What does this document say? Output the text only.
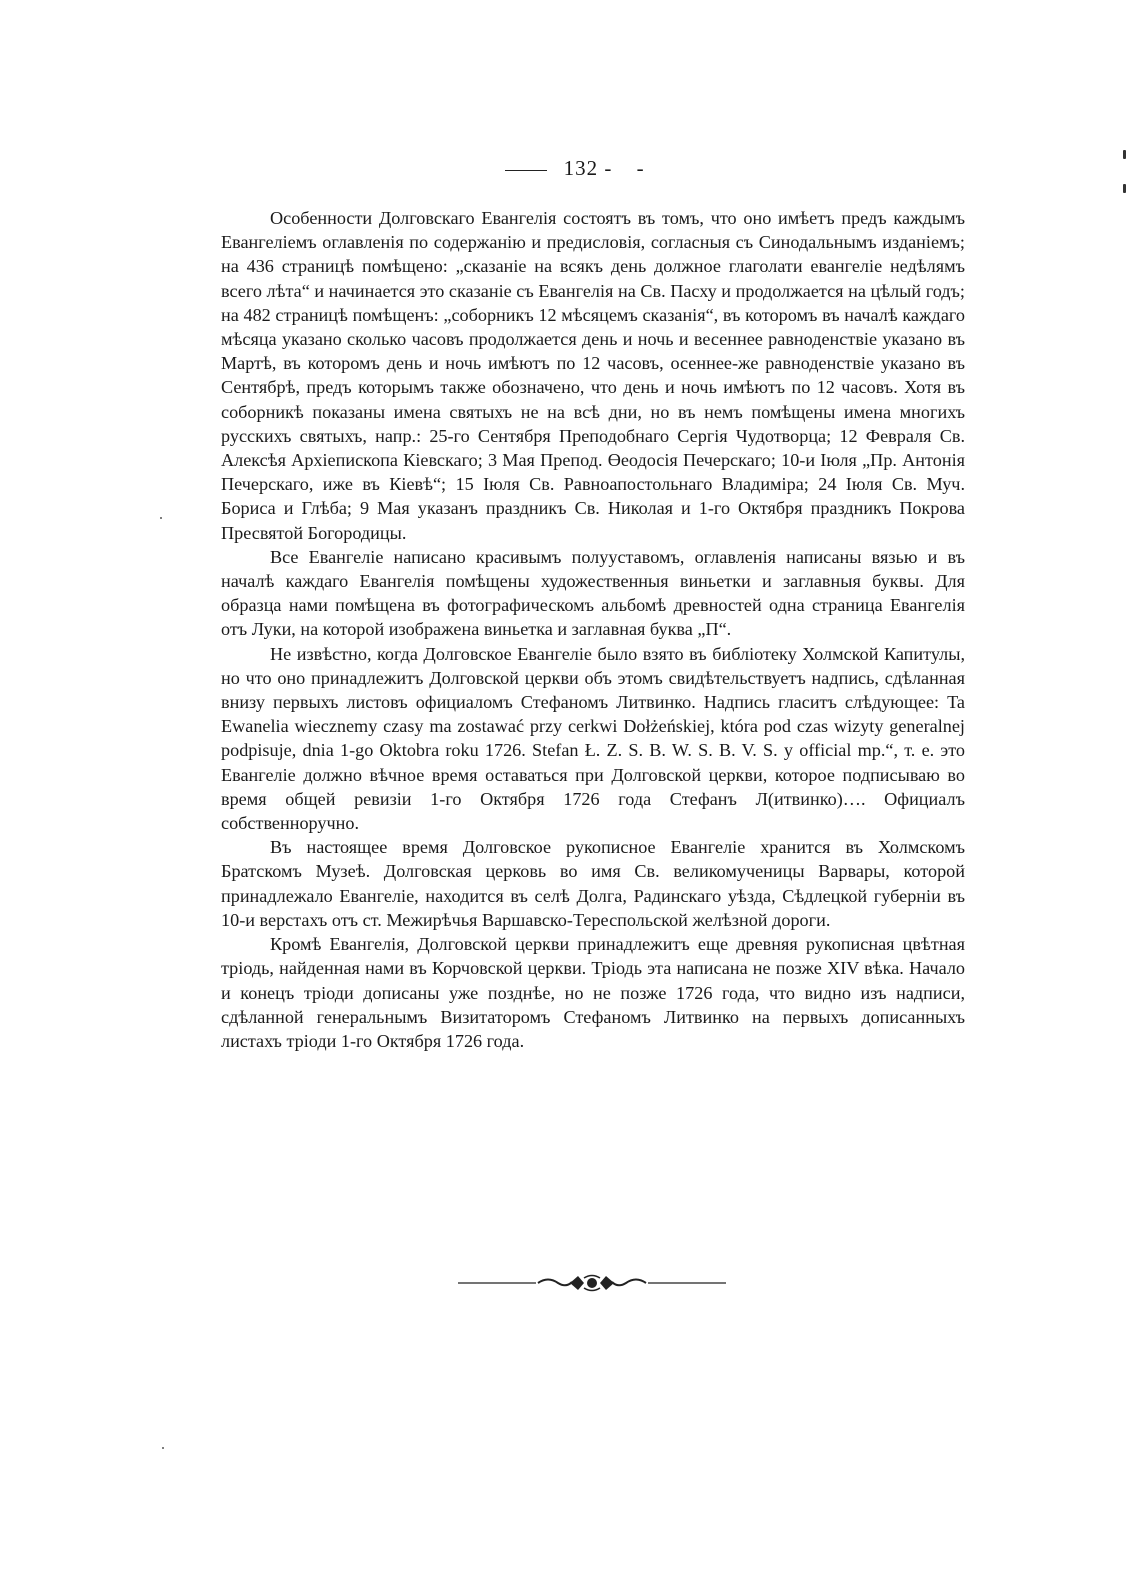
132 - -

Особенности Долговскаго Евангелія состоятъ въ томъ, что оно имѣетъ предъ каждымъ Евангеліемъ оглавленія по содержанію и предисловія, согласныя съ Синодальнымъ изданіемъ; на 436 страницѣ помѣщено: „сказаніе на всякъ день должное глаголати евангеліе недѣлямъ всего лѣта“ и начинается это сказаніе съ Евангелія на Св. Пасху и продолжается на цѣлый годъ; на 482 страницѣ помѣщенъ: „соборникъ 12 мѣсяцемъ сказанія“, въ которомъ въ началѣ каждаго мѣсяца указано сколько часовъ продолжается день и ночь и весеннее равноденствіе указано въ Мартѣ, въ которомъ день и ночь имѣютъ по 12 часовъ, осеннее-же равноденствіе указано въ Сентябрѣ, предъ которымъ также обозначено, что день и ночь имѣютъ по 12 часовъ. Хотя въ соборникѣ показаны имена святыхъ не на всѣ дни, но въ немъ помѣщены имена многихъ русскихъ святыхъ, напр.: 25-го Сентября Преподобнаго Сергія Чудотворца; 12 Февраля Св. Алексѣя Архіепископа Кіевскаго; 3 Мая Препод. Өеодосія Печерскаго; 10-и Іюля „Пр. Антонія Печерскаго, иже въ Кіевѣ“; 15 Іюля Св. Равноапостольнаго Владиміра; 24 Іюля Св. Муч. Бориса и Глѣба; 9 Мая указанъ праздникъ Св. Николая и 1-го Октября праздникъ Покрова Пресвятой Богородицы.

Все Евангеліе написано красивымъ полууставомъ, оглавленія написаны вязью и въ началѣ каждаго Евангелія помѣщены художественныя виньетки и заглавныя буквы. Для образца нами помѣщена въ фотографическомъ альбомѣ древностей одна страница Евангелія отъ Луки, на которой изображена виньетка и заглавная буква „П“.

Не извѣстно, когда Долговское Евангеліе было взято въ библіотеку Холмской Капитулы, но что оно принадлежитъ Долговской церкви объ этомъ свидѣтельствуетъ надпись, сдѣланная внизу первыхъ листовъ официаломъ Стефаномъ Литвинко. Надпись гласитъ слѣдующее: Ta Ewanelia wiecznemy czasy ma zostawać przy cerkwi Dołżeńskiej, która pod czas wizyty generalnej podpisuje, dnia 1-go Oktobra roku 1726. Stefan Ł. Z. S. B. W. S. B. V. S. y official mp.“, т. е. это Евангеліе должно вѣчное время оставаться при Долговской церкви, которое подписываю во время общей ревизіи 1-го Октября 1726 года Стефанъ Л(итвинко)…. Официалъ собственноручно.

Въ настоящее время Долговское рукописное Евангеліе хранится въ Холмскомъ Братскомъ Музеѣ. Долговская церковь во имя Св. великомученицы Варвары, которой принадлежало Евангеліе, находится въ селѣ Долга, Радинскаго уѣзда, Сѣдлецкой губерніи въ 10-и верстахъ отъ ст. Межирѣчья Варшавско-Тереспольской желѣзной дороги.

Кромѣ Евангелія, Долговской церкви принадлежитъ еще древняя рукописная цвѣтная тріодь, найденная нами въ Корчовской церкви. Тріодь эта написана не позже XIV вѣка. Начало и конецъ тріоди дописаны уже позднѣе, но не позже 1726 года, что видно изъ надписи, сдѣланной генеральнымъ Визитаторомъ Стефаномъ Литвинко на первыхъ дописанныхъ листахъ тріоди 1-го Октября 1726 года.
